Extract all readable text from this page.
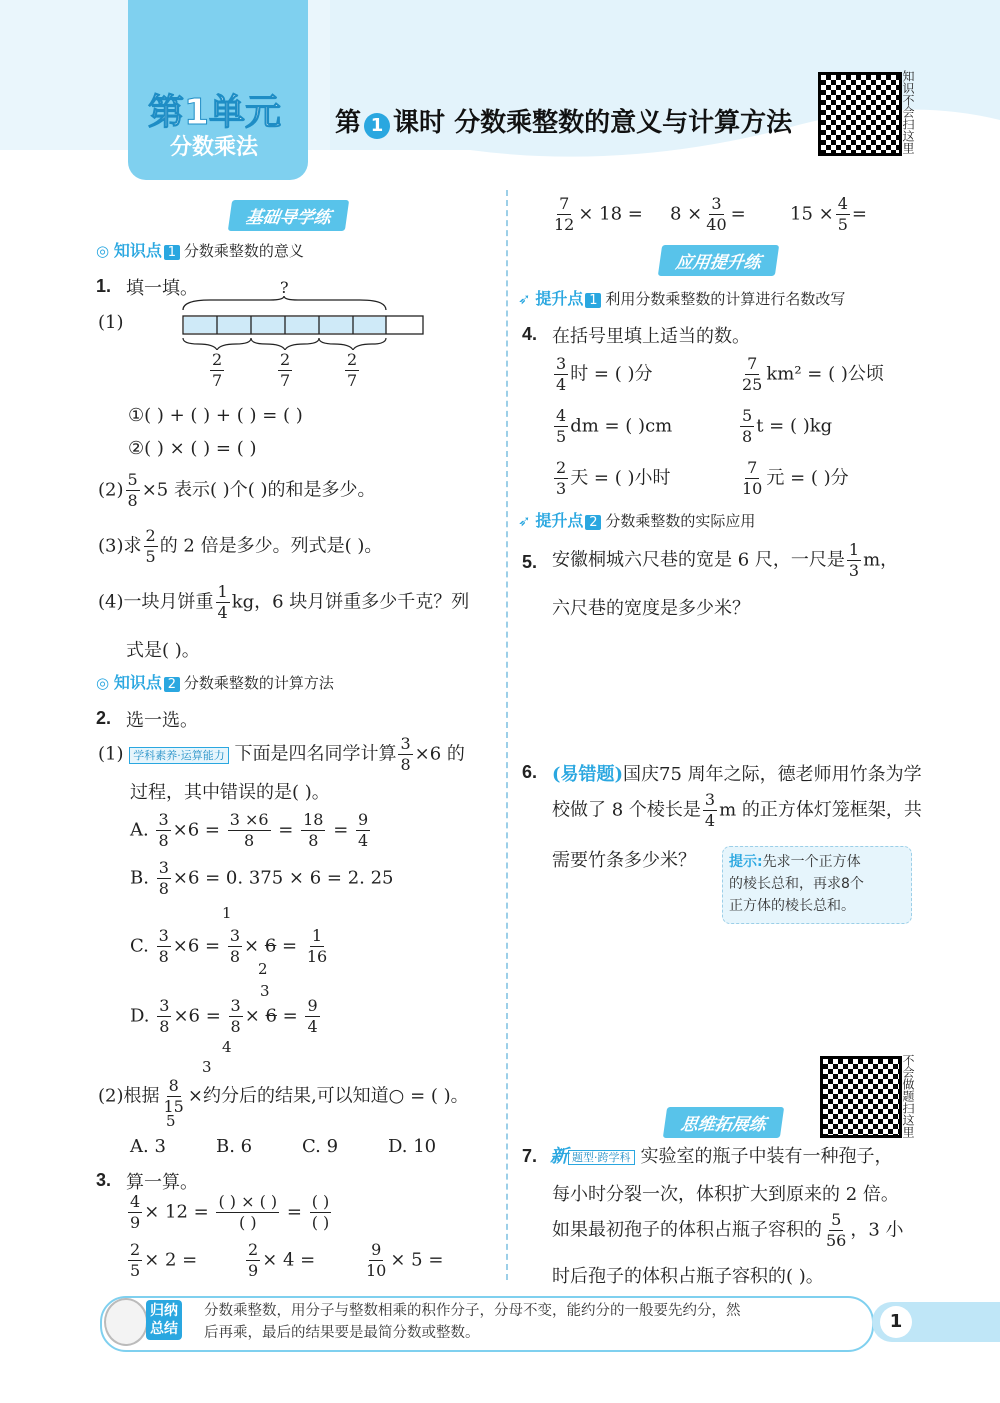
第1单元
分数乘法
第 1 课时 分数乘整数的意义与计算方法	知识不会扫这里
基础导学练
应用提升练
思维拓展练
◎ 知识点 1 分数乘整数的意义
1. 填一填。
(1)
?
$\frac{2}{7}$	$\frac{2}{7}$	$\frac{2}{7}$
①( ) + ( ) + ( ) = ( )
②( ) × ( ) = ( )
$(2) \frac{5}{8} \times 5$ 表示( )个( )的和是多少。
(3)求 $\frac{2}{5}$ 的 2 倍是多少。列式是( )。
(4)一块月饼重 $\frac{1}{4}$ kg，6 块月饼重多少千克？列
式是( )。
◎ 知识点 2 分数乘整数的计算方法
2. 选一选。
(1) 学科素养·运算能力 下面是四名同学计算 $\frac{3}{8} \times 6$ 的
过程，其中错误的是( )。
A. $\frac{3}{8} \times 6 = \frac{3 \times 6}{8} = \frac{18}{8} = \frac{9}{4}$
B. $\frac{3}{8} \times 6 = 0$. 375 × 6 = 2. 25
C. $\frac{3}{8} \times 6 = \frac{3}{8} \times 6 = \frac{1}{16}$
1
2
D. $\frac{3}{8} \times 6 = \frac{3}{8} \times 6 = \frac{9}{4}$
3
4
(2)根据 $\frac{8}{15}$ ×约分后的结果,可以知道○ = ( )。
3
5
A. 3	B. 6	C. 9	D. 10
3. 算一算。
$\frac{4}{9} \times 12 = \frac{( ) \times ( )}{( )} = \frac{( )}{( )}$
$\frac{2}{5} \times 2$ =	$\frac{2}{9} \times 4$ =	$\frac{9}{10} \times 5$ =
$\frac{7}{12} \times 18 = 8 \times \frac{3}{40} = 15 \times \frac{4}{5}$ =
➶ 提升点 1 利用分数乘整数的计算进行名数改写
4. 在括号里填上适当的数。
$\frac{3}{4}$ 时 = ( )分	$\frac{7}{25} km^2$ = ( )公顷
$\frac{4}{5}$ dm = ( )cm	$\frac{5}{8}$ t = ( )kg
$\frac{2}{3}$ 天 = ( )小时	$\frac{7}{10}$ 元 = ( )分
➶ 提升点 2 分数乘整数的实际应用
5. 安徽桐城六尺巷的宽是 6 尺，一尺是 $\frac{1}{3}$ m，
六尺巷的宽度是多少米？
6. (易错题)国庆75 周年之际，德老师用竹条为学
校做了 8 个棱长是 $\frac{3}{4}$ m 的正方体灯笼框架，共
需要竹条多少米？ 提示:先求一个正方体
的棱长总和，再求8个
正方体的棱长总和。
不会做题扫这里
7. 新题型·跨学科 实验室的瓶子中装有一种孢子，
每小时分裂一次，体积扩大到原来的 2 倍。
如果最初孢子的体积占瓶子容积的 $\frac{5}{56}$ ，3 小
时后孢子的体积占瓶子容积的( )。
归纳
总结
分数乘整数，用分子与整数相乘的积作分子，分母不变，能约分的一般要先约分，然
后再乘，最后的结果要是最简分数或整数。
1
